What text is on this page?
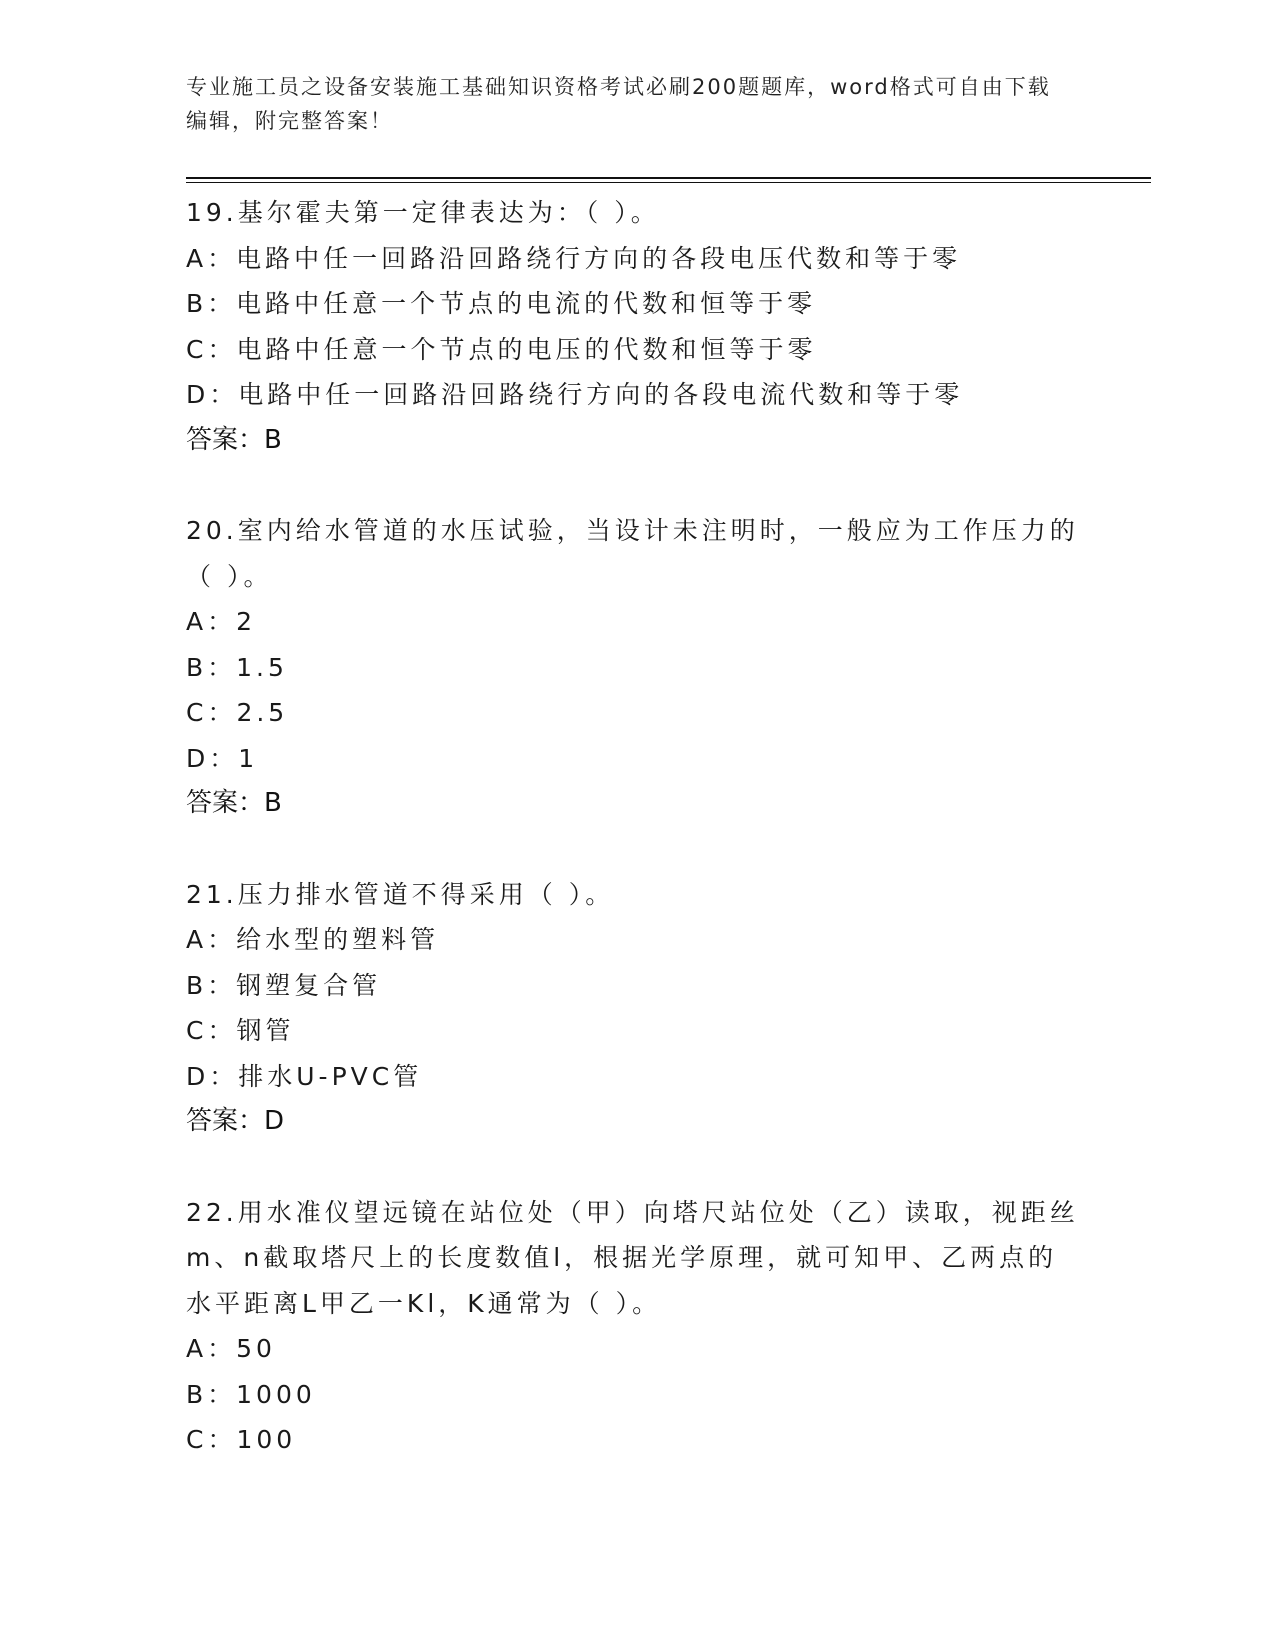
专业施工员之设备安装施工基础知识资格考试必刷200题题库，word格式可自由下载编辑，附完整答案！

19.基尔霍夫第一定律表达为：（ ）。

A：电路中任一回路沿回路绕行方向的各段电压代数和等于零

B：电路中任意一个节点的电流的代数和恒等于零

C：电路中任意一个节点的电压的代数和恒等于零

D：电路中任一回路沿回路绕行方向的各段电流代数和等于零

答案：B

20.室内给水管道的水压试验，当设计未注明时，一般应为工作压力的（ ）。

A：2

B：1.5

C：2.5

D：1

答案：B

21.压力排水管道不得采用（ ）。

A：给水型的塑料管

B：钢塑复合管

C：钢管

D：排水U-PVC管

答案：D

22.用水准仪望远镜在站位处（甲）向塔尺站位处（乙）读取，视距丝m、n截取塔尺上的长度数值l，根据光学原理，就可知甲、乙两点的水平距离L甲乙一Kl，K通常为（ ）。

A：50

B：1000

C：100
